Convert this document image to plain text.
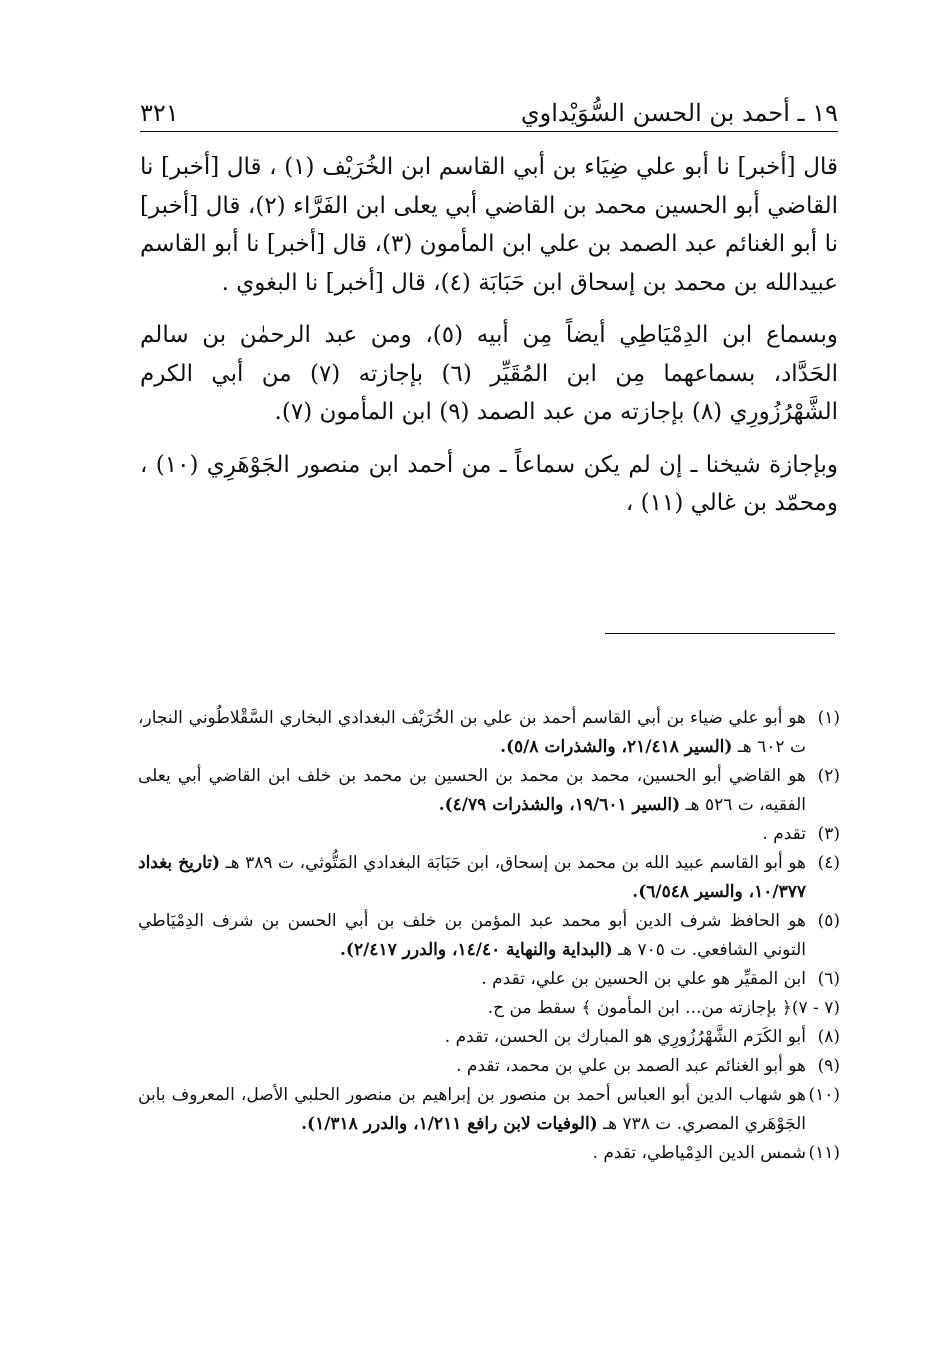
١٩ ـ أحمد بن الحسن السُّوَيْداوي
٣٢١

قال [أخبر] نا أبو علي ضِيَاء بن أبي القاسم ابن الخُرَيْف (١) ، قال [أخبر] نا القاضي أبو الحسين محمد بن القاضي أبي يعلى ابن الفَرَّاء (٢)، قال [أخبر] نا أبو الغنائم عبد الصمد بن علي ابن المأمون (٣)، قال [أخبر] نا أبو القاسم عبيدالله بن محمد بن إسحاق ابن حَبَابَة (٤)، قال [أخبر] نا البغوي .

وبسماع ابن الدِمْيَاطِي أيضاً مِن أبيه (٥)، ومن عبد الرحمٰن بن سالم الحَدَّاد، بسماعهما مِن ابن المُقَيِّر (٦) بإجازته (٧) من أبي الكرم الشَّهْرُزُورِي (٨) بإجازته من عبد الصمد (٩) ابن المأمون (٧).

وبإجازة شيخنا ـ إن لم يكن سماعاً ـ من أحمد ابن منصور الجَوْهَرِي (١٠) ، ومحمّد بن غالي (١١) ،

(١)
هو أبو علي ضياء بن أبي القاسم أحمد بن علي بن الخُرَيْف البغدادي البخاري السَّقْلاطُوني النجار، ت ٦٠٢ هـ (السير ٢١/٤١٨، والشذرات ٥/٨).
(٢)
هو القاضي أبو الحسين، محمد بن محمد بن الحسين بن محمد بن خلف ابن القاضي أبي يعلى الفقيه، ت ٥٢٦ هـ (السير ١٩/٦٠١، والشذرات ٤/٧٩).
(٣)
تقدم .
(٤)
هو أبو القاسم عبيد الله بن محمد بن إسحاق، ابن حَبَابَة البغدادي المَتُّوثي، ت ٣٨٩ هـ (تاريخ بغداد ١٠/٣٧٧، والسير ٦/٥٤٨).
(٥)
هو الحافظ شرف الدين أبو محمد عبد المؤمن بن خلف بن أبي الحسن بن شرف الدِمْيَاطي التوني الشافعي. ت ٧٠٥ هـ (البداية والنهاية ١٤/٤٠، والدرر ٢/٤١٧).
(٦)
ابن المقيِّر هو علي بن الحسين بن علي، تقدم .
(٧ - ٧)
﴿ بإجازته من... ابن المأمون ﴾ سقط من ح.
(٨)
أبو الكَرَم الشَّهْرُزُورِي هو المبارك بن الحسن، تقدم .
(٩)
هو أبو الغنائم عبد الصمد بن علي بن محمد، تقدم .
(١٠)
هو شهاب الدين أبو العباس أحمد بن منصور بن إبراهيم بن منصور الحلبي الأصل، المعروف بابن الجَوْهَري المصري. ت ٧٣٨ هـ (الوفيات لابن رافع ١/٢١١، والدرر ١/٣١٨).
(١١)
شمس الدين الدِمْياطي، تقدم .
